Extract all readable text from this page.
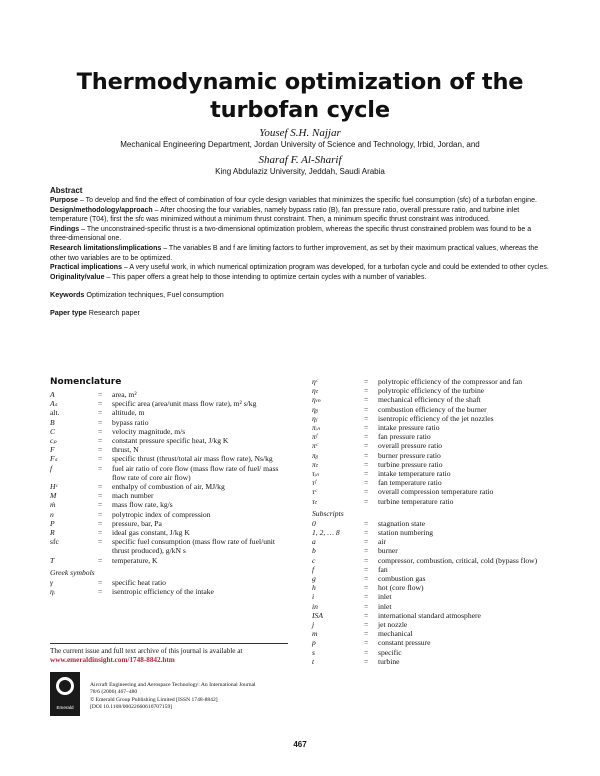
Thermodynamic optimization of the
turbofan cycle
Yousef S.H. Najjar
Mechanical Engineering Department, Jordan University of Science and Technology, Irbid, Jordan, and
Sharaf F. Al-Sharif
King Abdulaziz University, Jeddah, Saudi Arabia
Abstract
Purpose – To develop and find the effect of combination of four cycle design variables that minimizes the specific fuel consumption (sfc) of a turbofan engine.
Design/methodology/approach – After choosing the four variables, namely bypass ratio (B), fan pressure ratio, overall pressure ratio, and turbine inlet temperature (T04), first the sfc was minimized without a minimum thrust constraint. Then, a minimum specific thrust constraint was introduced.
Findings – The unconstrained-specific thrust is a two-dimensional optimization problem, whereas the specific thrust constrained problem was found to be a three-dimensional one.
Research limitations/implications – The variables B and f are limiting factors to further improvement, as set by their maximum practical values, whereas the other two variables are to be optimized.
Practical implications – A very useful work, in which numerical optimization program was developed, for a turbofan cycle and could be extended to other cycles.
Originality/value – This paper offers a great help to those intending to optimize certain cycles with a number of variables.
Keywords Optimization techniques, Fuel consumption
Paper type Research paper
Nomenclature
A	=	area, m²
Aₛ	=	specific area (area/unit mass flow rate), m² s/kg
alt.	=	altitude, m
B	=	bypass ratio
C	=	velocity magnitude, m/s
cₚ	=	constant pressure specific heat, J/kg K
F	=	thrust, N
Fₛ	=	specific thrust (thrust/total air mass flow rate), Ns/kg
f	=	fuel air ratio of core flow (mass flow rate of fuel/ mass flow rate of core air flow)
Hᶜ	=	enthalpy of combustion of air, MJ/kg
M	=	mach number
ṁ	=	mass flow rate, kg/s
n	=	polytropic index of compression
P	=	pressure, bar, Pa
R	=	ideal gas constant, J/kg K
sfc	=	specific fuel consumption (mass flow rate of fuel/unit thrust produced), g/kN s
T	=	temperature, K
Greek symbols
γ	=	specific heat ratio
ηᵢ	=	isentropic efficiency of the intake
ηᶜ	=	polytropic efficiency of the compressor and fan
ηₜ	=	polytropic efficiency of the turbine
ηₘ	=	mechanical efficiency of the shaft
ηᵦ	=	combustion efficiency of the burner
ηⱼ	=	isentropic efficiency of the jet nozzles
πᵢₙ	=	intake pressure ratio
πᶠ	=	fan pressure ratio
πᶜ	=	overall pressure ratio
πᵦ	=	burner pressure ratio
πₜ	=	turbine pressure ratio
τᵢₙ	=	intake temperature ratio
τᶠ	=	fan temperature ratio
τᶜ	=	overall compression temperature ratio
τₜ	=	turbine temperature ratio
Subscripts
0	=	stagnation state
1, 2, … 8	=	station numbering
a	=	air
b	=	burner
c	=	compressor, combustion, critical, cold (bypass flow)
f	=	fan
g	=	combustion gas
h	=	hot (core flow)
i	=	inlet
in	=	inlet
ISA	=	international standard atmosphere
j	=	jet nozzle
m	=	mechanical
p	=	constant pressure
s	=	specific
t	=	turbine
The current issue and full text archive of this journal is available at
www.emeraldinsight.com/1748-8842.htm
Emerald
Aircraft Engineering and Aerospace Technology: An International Journal
78/6 (2006) 467–480
© Emerald Group Publishing Limited [ISSN 1748-8842]
[DOI 10.1108/00022660610707159]
467
